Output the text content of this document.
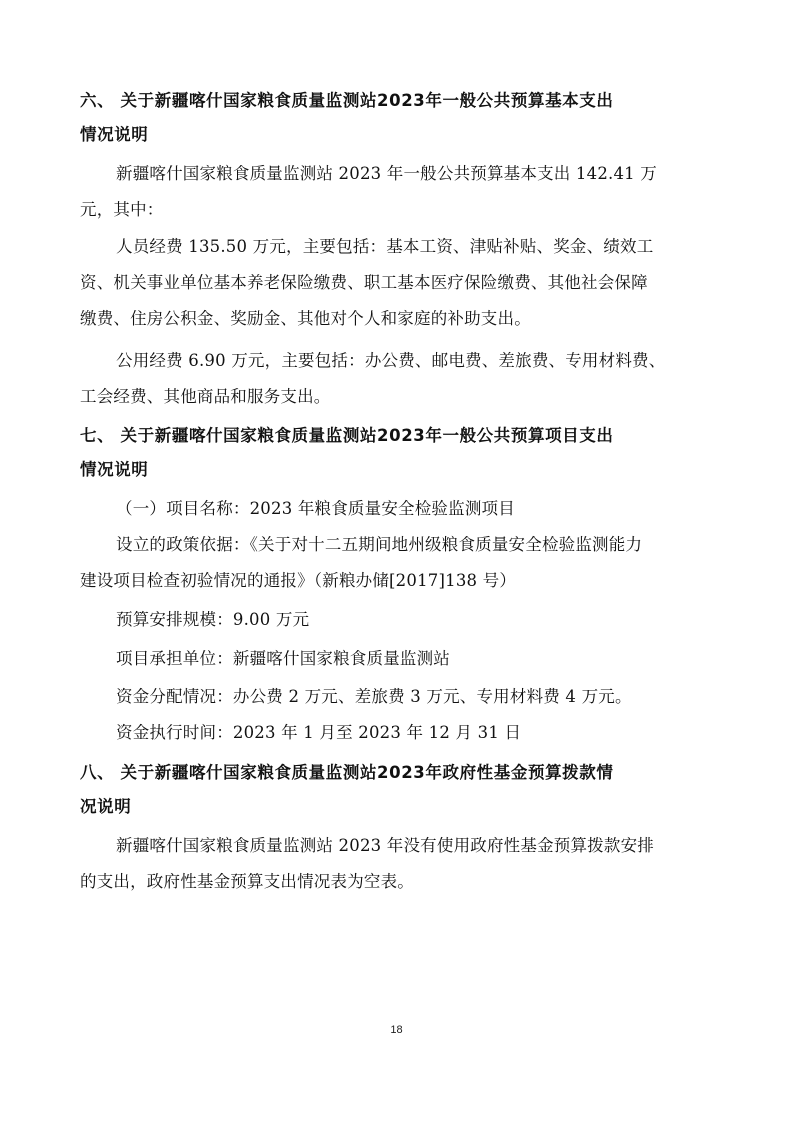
六、 关于新疆喀什国家粮食质量监测站2023年一般公共预算基本支出
情况说明
新疆喀什国家粮食质量监测站 2023 年一般公共预算基本支出 142.41 万
元，其中：
人员经费 135.50 万元，主要包括：基本工资、津贴补贴、奖金、绩效工
资、机关事业单位基本养老保险缴费、职工基本医疗保险缴费、其他社会保障
缴费、住房公积金、奖励金、其他对个人和家庭的补助支出。
公用经费 6.90 万元，主要包括：办公费、邮电费、差旅费、专用材料费、
工会经费、其他商品和服务支出。
七、 关于新疆喀什国家粮食质量监测站2023年一般公共预算项目支出
情况说明
（一）项目名称：2023 年粮食质量安全检验监测项目
设立的政策依据：《关于对十二五期间地州级粮食质量安全检验监测能力
建设项目检查初验情况的通报》（新粮办储[2017]138 号）
预算安排规模：9.00 万元
项目承担单位：新疆喀什国家粮食质量监测站
资金分配情况：办公费 2 万元、差旅费 3 万元、专用材料费 4 万元。
资金执行时间：2023 年 1 月至 2023 年 12 月 31 日
八、 关于新疆喀什国家粮食质量监测站2023年政府性基金预算拨款情
况说明
新疆喀什国家粮食质量监测站 2023 年没有使用政府性基金预算拨款安排
的支出，政府性基金预算支出情况表为空表。
18
